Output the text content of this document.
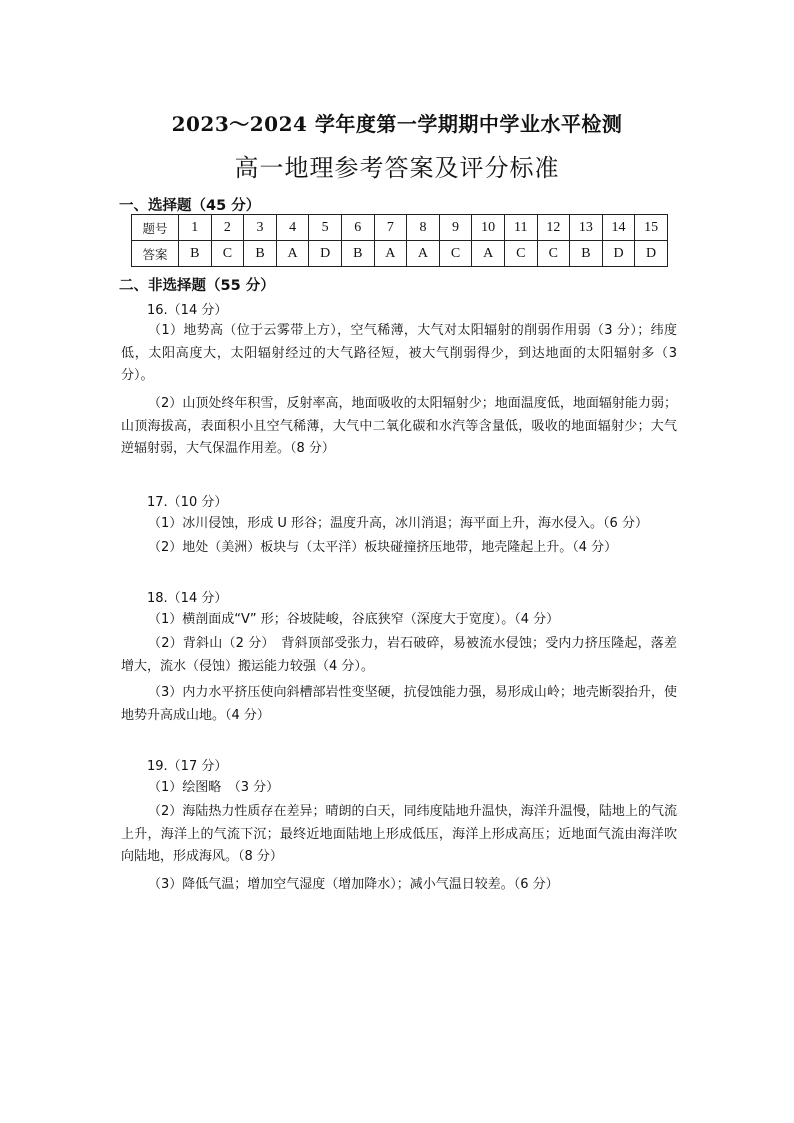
2023～2024 学年度第一学期期中学业水平检测
高一地理参考答案及评分标准
一、选择题（45 分）
题号	1	2	3	4	5	6	7	8	9	10	11	12	13	14	15
答案	B	C	B	A	D	B	A	A	C	A	C	C	B	D	D
二、非选择题（55 分）
16.（14 分）

（1）地势高（位于云雾带上方），空气稀薄，大气对太阳辐射的削弱作用弱（3 分）；纬度低，太阳高度大，太阳辐射经过的大气路径短，被大气削弱得少，到达地面的太阳辐射多（3 分）。

（2）山顶处终年积雪，反射率高，地面吸收的太阳辐射少；地面温度低，地面辐射能力弱；山顶海拔高，表面积小且空气稀薄，大气中二氧化碳和水汽等含量低，吸收的地面辐射少；大气逆辐射弱，大气保温作用差。（8 分）

17.（10 分）

（1）冰川侵蚀，形成 U 形谷；温度升高，冰川消退；海平面上升，海水侵入。（6 分）

（2）地处（美洲）板块与（太平洋）板块碰撞挤压地带，地壳隆起上升。（4 分）

18.（14 分）

（1）横剖面成“V” 形；谷坡陡峻，谷底狭窄（深度大于宽度）。（4 分）

（2）背斜山（2 分）　背斜顶部受张力，岩石破碎，易被流水侵蚀；受内力挤压隆起，落差增大，流水（侵蚀）搬运能力较强（4 分）。

（3）内力水平挤压使向斜槽部岩性变坚硬，抗侵蚀能力强，易形成山岭；地壳断裂抬升，使地势升高成山地。（4 分）

19.（17 分）

（1）绘图略　（3 分）

（2）海陆热力性质存在差异；晴朗的白天，同纬度陆地升温快，海洋升温慢，陆地上的气流上升，海洋上的气流下沉；最终近地面陆地上形成低压，海洋上形成高压；近地面气流由海洋吹向陆地，形成海风。（8 分）

（3）降低气温；增加空气湿度（增加降水）；减小气温日较差。（6 分）
